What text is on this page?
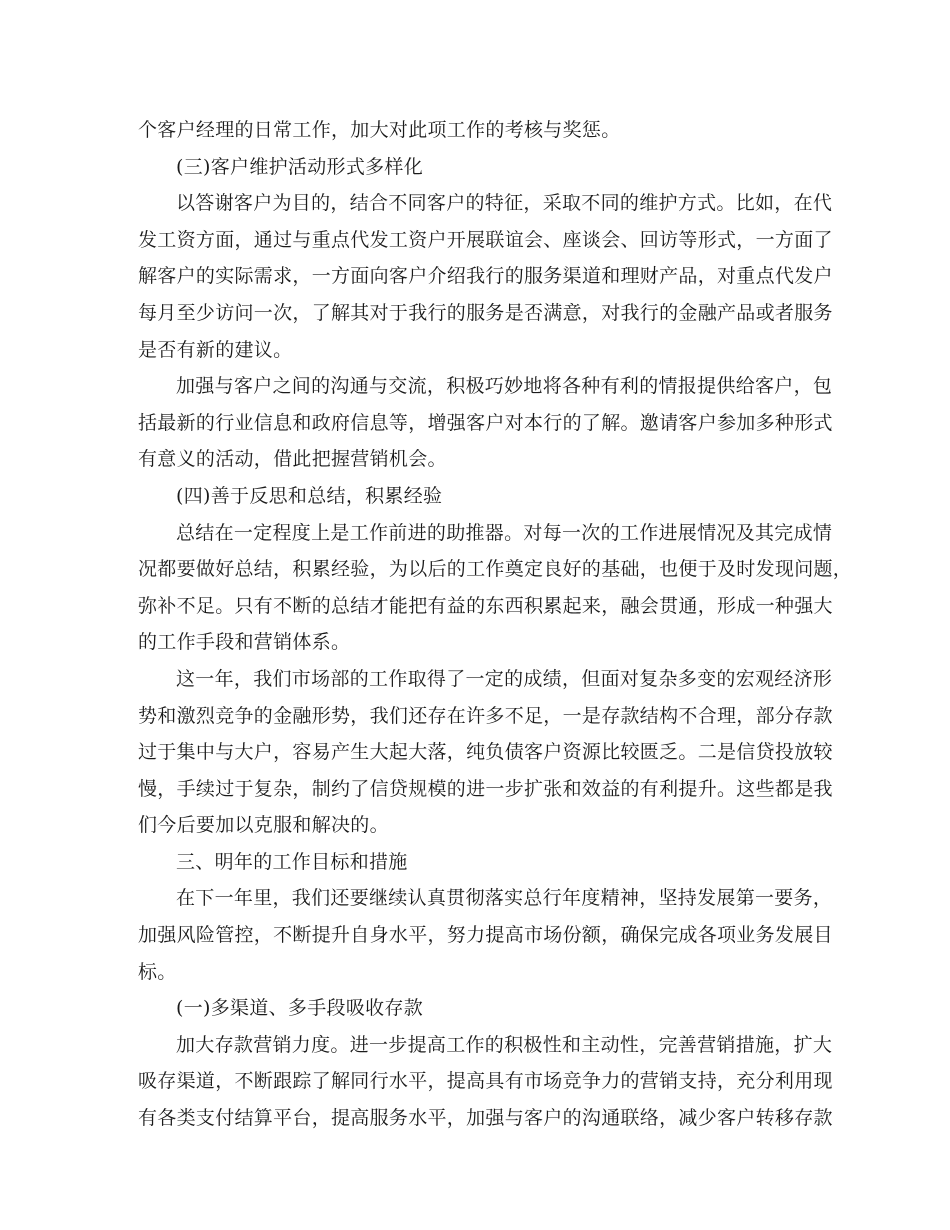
个客户经理的日常工作，加大对此项工作的考核与奖惩。
(三)客户维护活动形式多样化
以答谢客户为目的，结合不同客户的特征，采取不同的维护方式。比如，在代
发工资方面，通过与重点代发工资户开展联谊会、座谈会、回访等形式，一方面了
解客户的实际需求，一方面向客户介绍我行的服务渠道和理财产品，对重点代发户
每月至少访问一次，了解其对于我行的服务是否满意，对我行的金融产品或者服务
是否有新的建议。
加强与客户之间的沟通与交流，积极巧妙地将各种有利的情报提供给客户，包
括最新的行业信息和政府信息等，增强客户对本行的了解。邀请客户参加多种形式
有意义的活动，借此把握营销机会。
(四)善于反思和总结，积累经验
总结在一定程度上是工作前进的助推器。对每一次的工作进展情况及其完成情
况都要做好总结，积累经验，为以后的工作奠定良好的基础，也便于及时发现问题，
弥补不足。只有不断的总结才能把有益的东西积累起来，融会贯通，形成一种强大
的工作手段和营销体系。
这一年，我们市场部的工作取得了一定的成绩，但面对复杂多变的宏观经济形
势和激烈竞争的金融形势，我们还存在许多不足，一是存款结构不合理，部分存款
过于集中与大户，容易产生大起大落，纯负债客户资源比较匮乏。二是信贷投放较
慢，手续过于复杂，制约了信贷规模的进一步扩张和效益的有利提升。这些都是我
们今后要加以克服和解决的。
三、明年的工作目标和措施
在下一年里，我们还要继续认真贯彻落实总行年度精神，坚持发展第一要务，
加强风险管控，不断提升自身水平，努力提高市场份额，确保完成各项业务发展目
标。
(一)多渠道、多手段吸收存款
加大存款营销力度。进一步提高工作的积极性和主动性，完善营销措施，扩大
吸存渠道，不断跟踪了解同行水平，提高具有市场竞争力的营销支持，充分利用现
有各类支付结算平台，提高服务水平，加强与客户的沟通联络，减少客户转移存款
